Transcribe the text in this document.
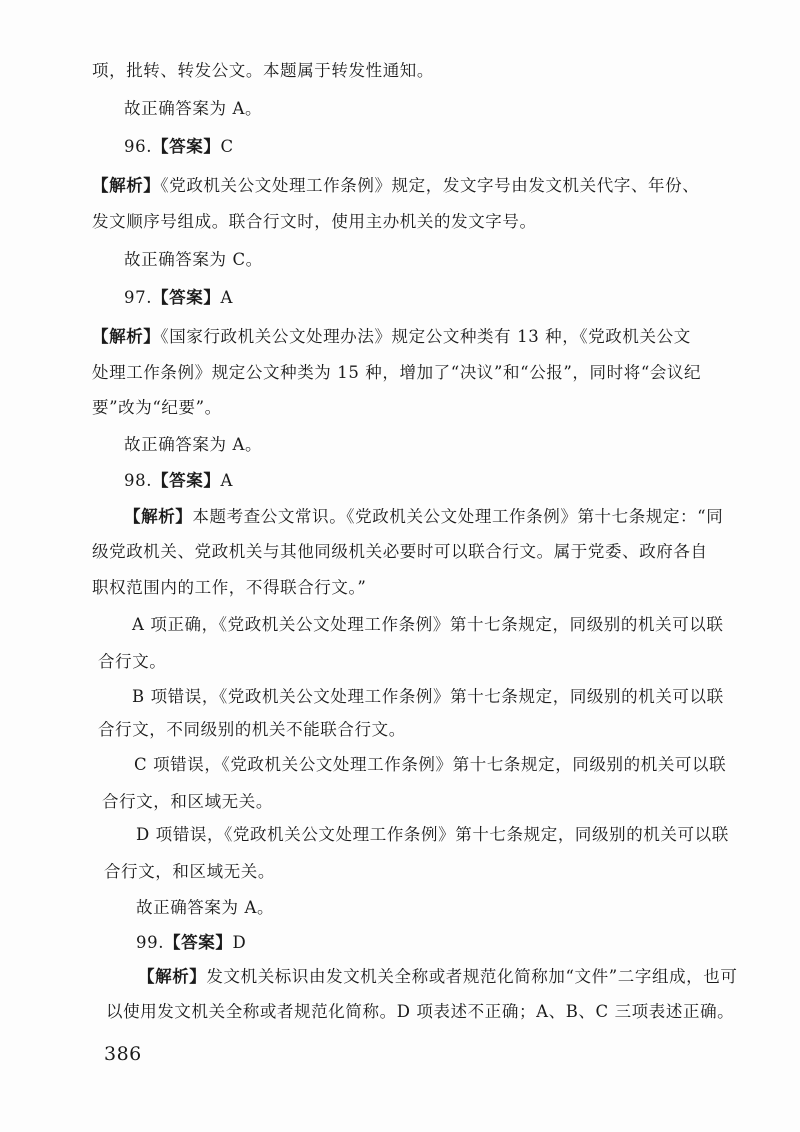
项，批转、转发公文。本题属于转发性通知。
故正确答案为 A。
96.【答案】C
【解析】《党政机关公文处理工作条例》规定，发文字号由发文机关代字、年份、
发文顺序号组成。联合行文时，使用主办机关的发文字号。
故正确答案为 C。
97.【答案】A
【解析】《国家行政机关公文处理办法》规定公文种类有 13 种，《党政机关公文
处理工作条例》规定公文种类为 15 种，增加了“决议”和“公报”，同时将“会议纪
要”改为“纪要”。
故正确答案为 A。
98.【答案】A
【解析】本题考查公文常识。《党政机关公文处理工作条例》第十七条规定：“同
级党政机关、党政机关与其他同级机关必要时可以联合行文。属于党委、政府各自
职权范围内的工作，不得联合行文。”
A 项正确，《党政机关公文处理工作条例》第十七条规定，同级别的机关可以联
合行文。
B 项错误，《党政机关公文处理工作条例》第十七条规定，同级别的机关可以联
合行文，不同级别的机关不能联合行文。
C 项错误，《党政机关公文处理工作条例》第十七条规定，同级别的机关可以联
合行文，和区域无关。
D 项错误，《党政机关公文处理工作条例》第十七条规定，同级别的机关可以联
合行文，和区域无关。
故正确答案为 A。
99.【答案】D
【解析】发文机关标识由发文机关全称或者规范化简称加“文件”二字组成，也可
以使用发文机关全称或者规范化简称。D 项表述不正确；A、B、C 三项表述正确。
386
